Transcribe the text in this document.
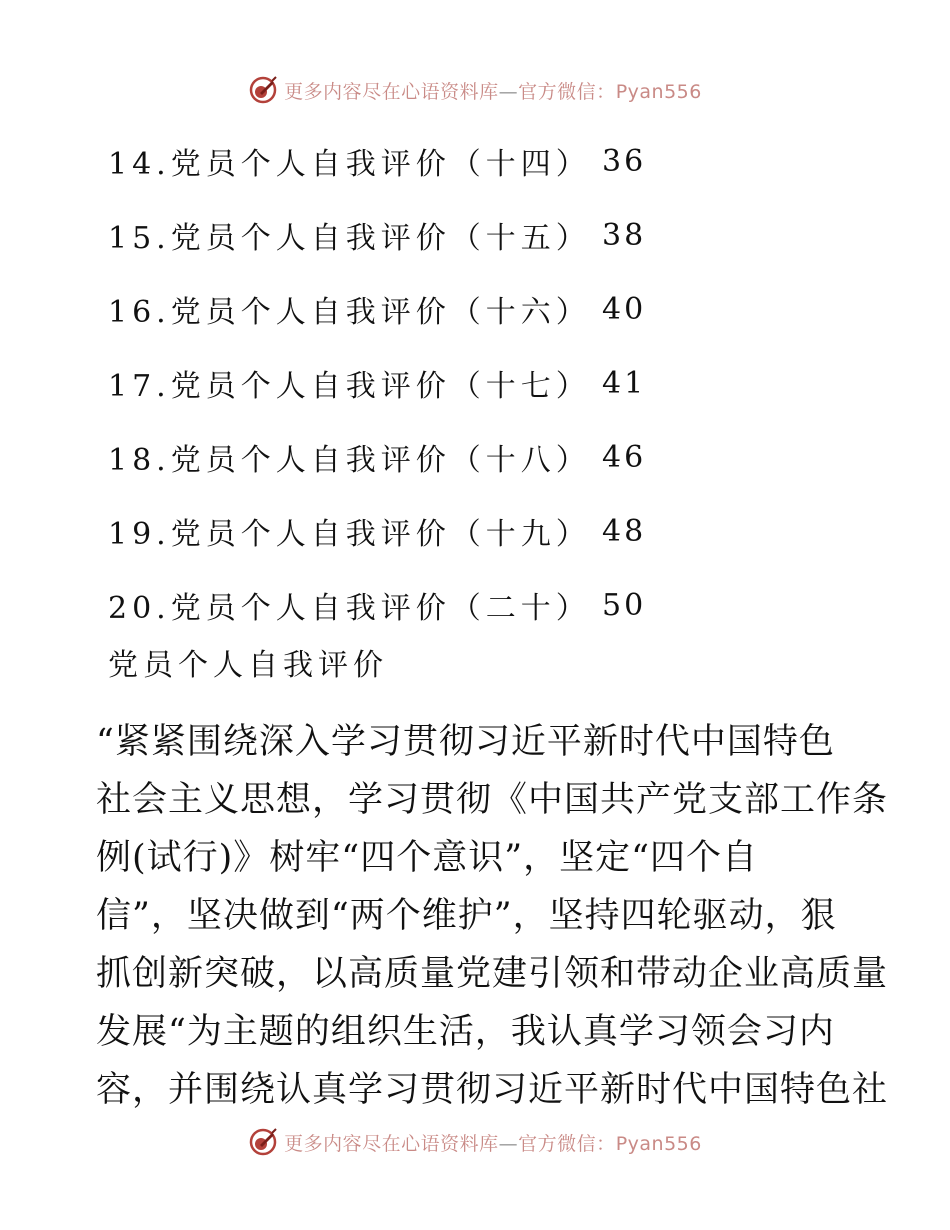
更多内容尽在心语资料库—官方微信：Pyan556
14.党员个人自我评价（十四） 36
15.党员个人自我评价（十五） 38
16.党员个人自我评价（十六） 40
17.党员个人自我评价（十七） 41
18.党员个人自我评价（十八） 46
19.党员个人自我评价（十九） 48
20.党员个人自我评价（二十） 50
党员个人自我评价

“紧紧围绕深入学习贯彻习近平新时代中国特色
社会主义思想，学习贯彻《中国共产党支部工作条
例(试行)》树牢“四个意识”，坚定“四个自
信”，坚决做到“两个维护”，坚持四轮驱动，狠
抓创新突破，以高质量党建引领和带动企业高质量
发展“为主题的组织生活，我认真学习领会习内
容，并围绕认真学习贯彻习近平新时代中国特色社

更多内容尽在心语资料库—官方微信：Pyan556
